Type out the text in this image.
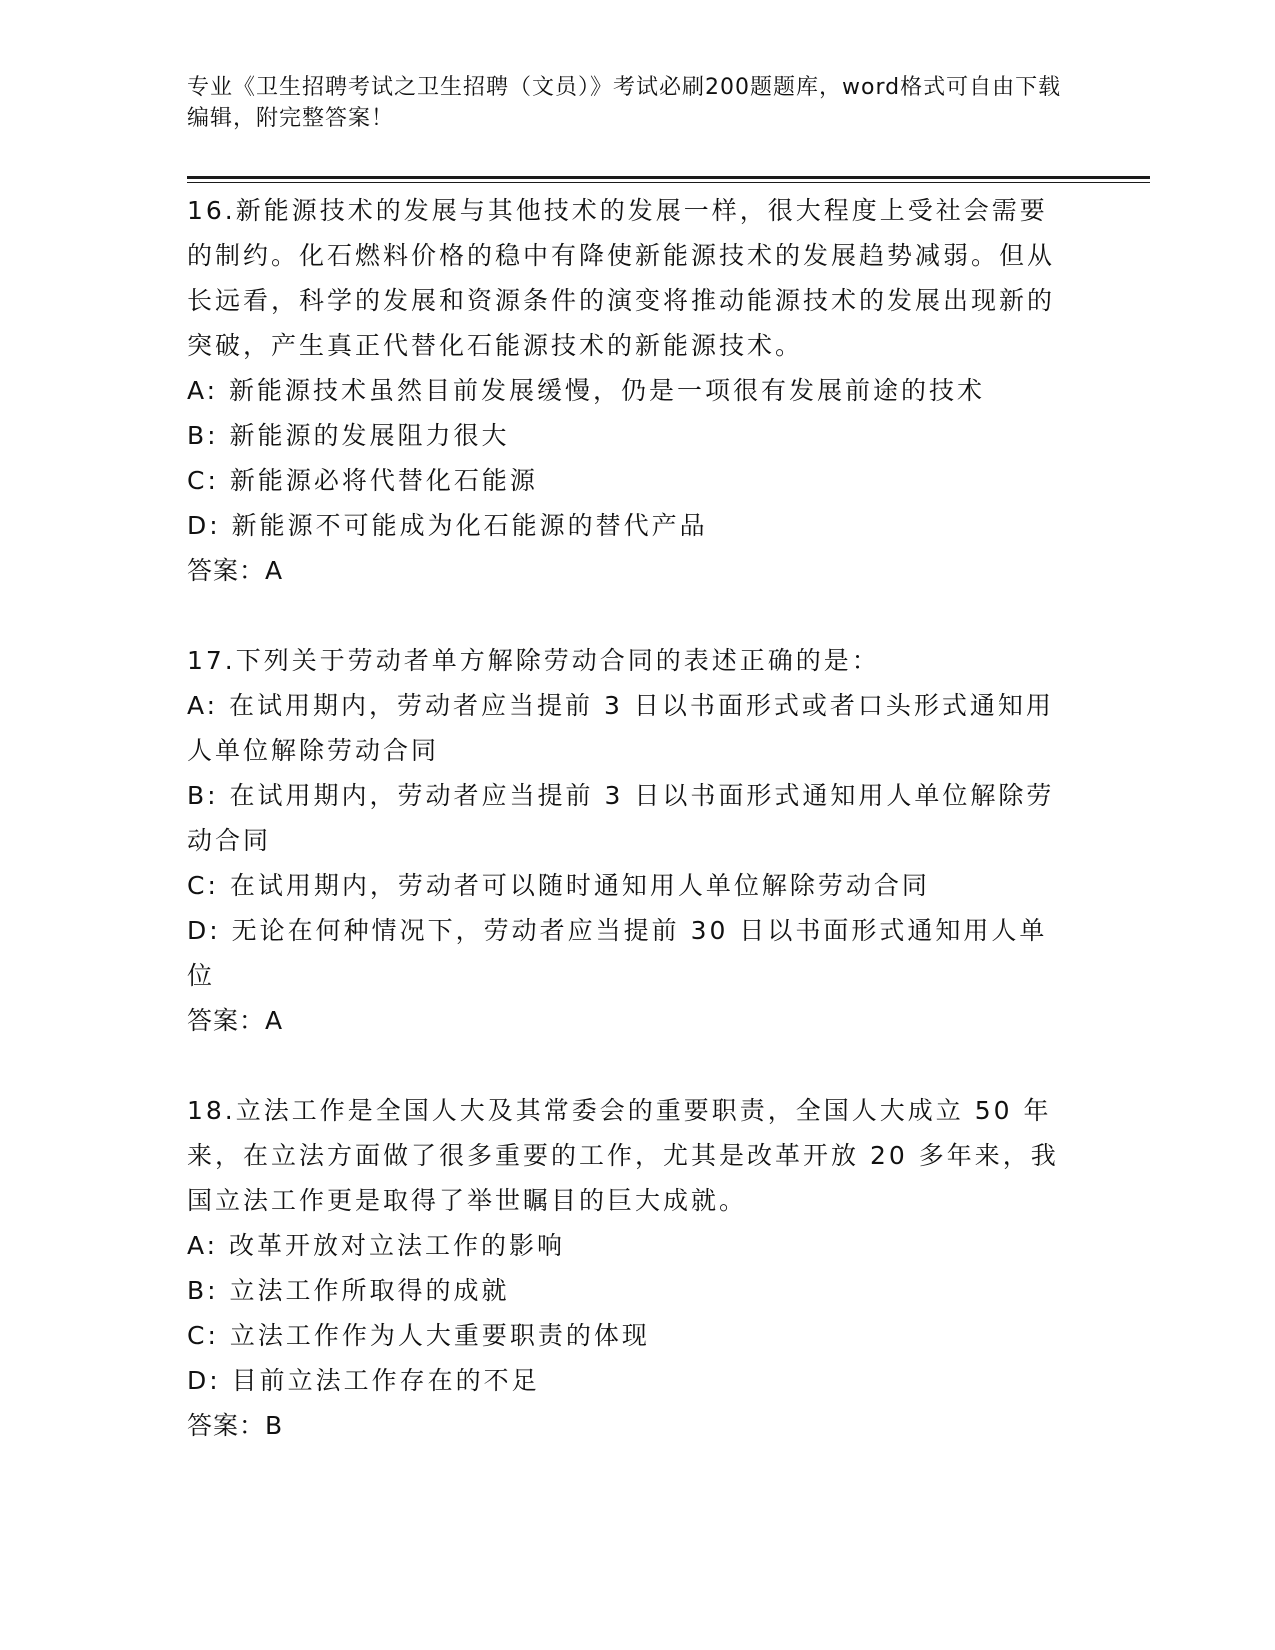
专业《卫生招聘考试之卫生招聘（文员）》考试必刷200题题库，word格式可自由下载编辑，附完整答案！

16.新能源技术的发展与其他技术的发展一样，很大程度上受社会需要的制约。化石燃料价格的稳中有降使新能源技术的发展趋势减弱。但从长远看，科学的发展和资源条件的演变将推动能源技术的发展出现新的突破，产生真正代替化石能源技术的新能源技术。

A: 新能源技术虽然目前发展缓慢，仍是一项很有发展前途的技术

B: 新能源的发展阻力很大

C: 新能源必将代替化石能源

D: 新能源不可能成为化石能源的替代产品

答案：A

17.下列关于劳动者单方解除劳动合同的表述正确的是：

A: 在试用期内，劳动者应当提前 3 日以书面形式或者口头形式通知用人单位解除劳动合同

B: 在试用期内，劳动者应当提前 3 日以书面形式通知用人单位解除劳动合同

C: 在试用期内，劳动者可以随时通知用人单位解除劳动合同

D: 无论在何种情况下，劳动者应当提前 30 日以书面形式通知用人单位

答案：A

18.立法工作是全国人大及其常委会的重要职责，全国人大成立 50 年来，在立法方面做了很多重要的工作，尤其是改革开放 20 多年来，我国立法工作更是取得了举世瞩目的巨大成就。

A: 改革开放对立法工作的影响

B: 立法工作所取得的成就

C: 立法工作作为人大重要职责的体现

D: 目前立法工作存在的不足

答案：B
